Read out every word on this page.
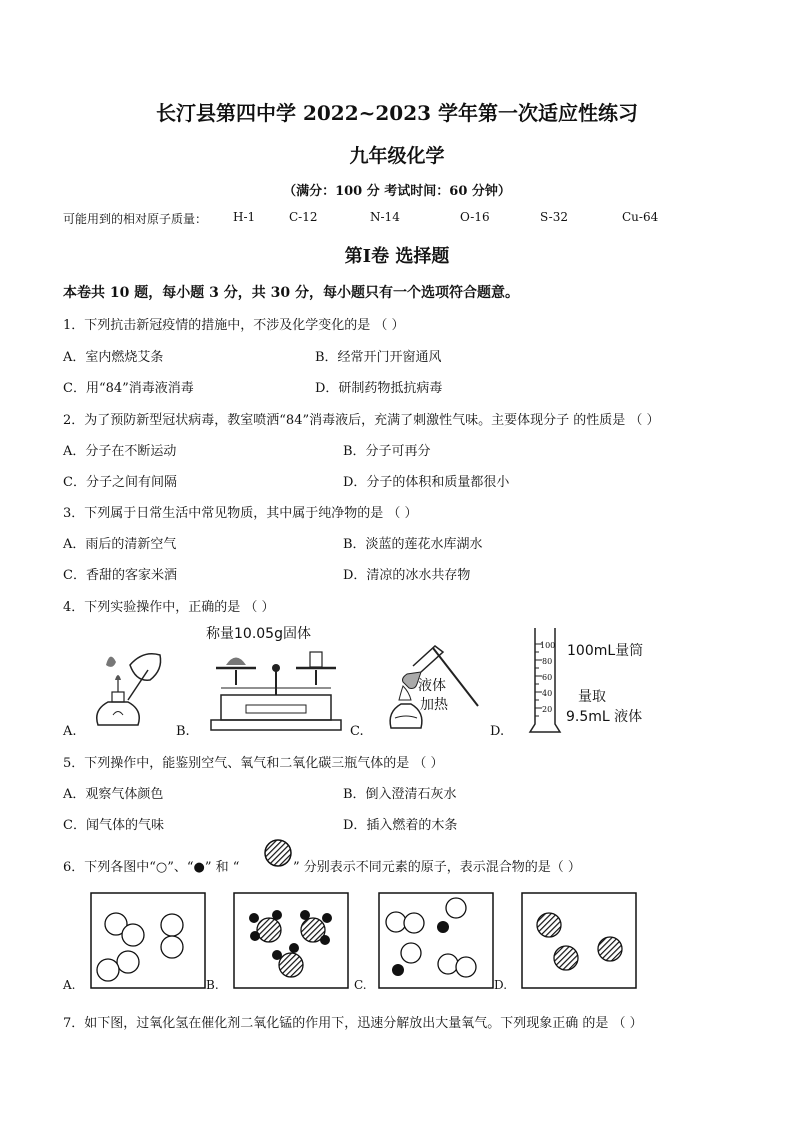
长汀县第四中学 2022~2023 学年第一次适应性练习
九年级化学
（满分：100 分 考试时间：60 分钟）
可能用到的相对原子质量： H-1	C-12	N-14	O-16	S-32	Cu-64
第Ⅰ卷 选择题
本卷共 10 题，每小题 3 分，共 30 分，每小题只有一个选项符合题意。
1．下列抗击新冠疫情的措施中，不涉及化学变化的是 （ ）
A．室内燃烧艾条	B．经常开门开窗通风
C．用“84”消毒液消毒	D．研制药物抵抗病毒
2．为了预防新型冠状病毒，教室喷洒“84”消毒液后，充满了刺激性气味。主要体现分子 的性质是 （ ）
A．分子在不断运动	B．分子可再分
C．分子之间有间隔	D．分子的体积和质量都很小
3．下列属于日常生活中常见物质，其中属于纯净物的是 （ ）
A．雨后的清新空气	B．淡蓝的莲花水库湖水
C．香甜的客家米酒	D．清凉的冰水共存物
4．下列实验操作中，正确的是 （ ）
A.
称量10.05g固体
B.
液体
加热
C.
100
80
60
40
20
100mL量筒
量取
9.5mL 液体
D.
5．下列操作中，能鉴别空气、氧气和二氧化碳三瓶气体的是 （ ）
A．观察气体颜色	B．倒入澄清石灰水
C．闻气体的气味	D．插入燃着的木条
6．下列各图中“○”、“●” 和 “	” 分别表示不同元素的原子，表示混合物的是（ ）
A.	B.	C.	D.
7．如下图，过氧化氢在催化剂二氧化锰的作用下，迅速分解放出大量氧气。下列现象正确 的是 （ ）
